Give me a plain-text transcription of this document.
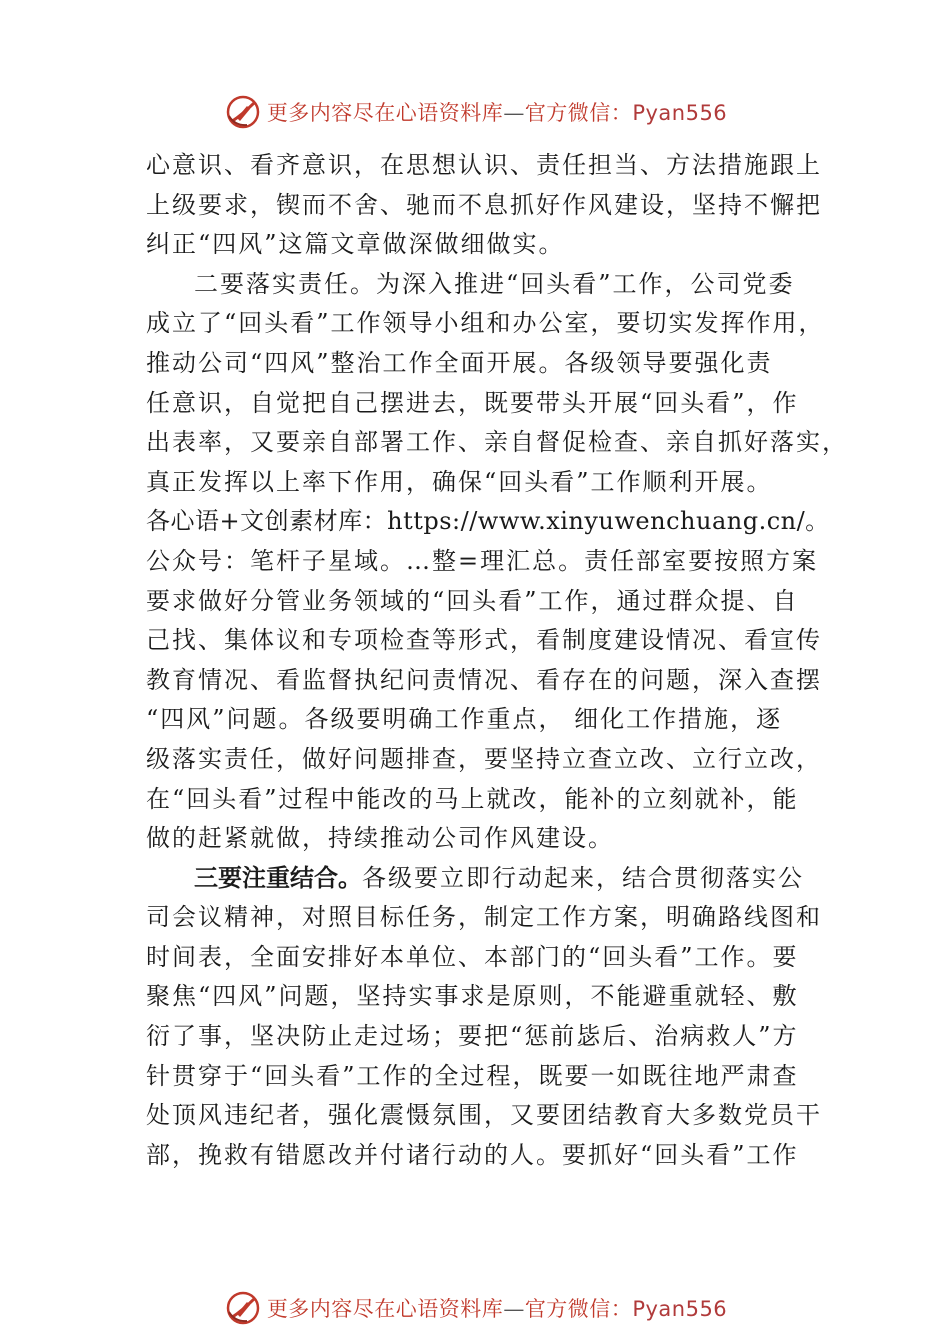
更多内容尽在心语资料库—官方微信：Pyan556
心意识、看齐意识，在思想认识、责任担当、方法措施跟上
上级要求，锲而不舍、驰而不息抓好作风建设，坚持不懈把
纠正“四风”这篇文章做深做细做实。
二要落实责任。为深入推进“回头看”工作，公司党委
成立了“回头看”工作领导小组和办公室，要切实发挥作用，
推动公司“四风”整治工作全面开展。各级领导要强化责
任意识，自觉把自己摆进去，既要带头开展“回头看”，作
出表率，又要亲自部署工作、亲自督促检查、亲自抓好落实，
真正发挥以上率下作用，确保“回头看”工作顺利开展。
各心语+文创素材库：https://www.xinyuwenchuang.cn/。
公众号：笔杆子星域。…整=理汇总。责任部室要按照方案
要求做好分管业务领域的“回头看”工作，通过群众提、自
己找、集体议和专项检查等形式，看制度建设情况、看宣传
教育情况、看监督执纪问责情况、看存在的问题，深入查摆
“四风”问题。各级要明确工作重点， 细化工作措施，逐
级落实责任，做好问题排查，要坚持立查立改、立行立改，
在“回头看”过程中能改的马上就改，能补的立刻就补，能
做的赶紧就做，持续推动公司作风建设。
三要注重结合。各级要立即行动起来，结合贯彻落实公
司会议精神，对照目标任务，制定工作方案，明确路线图和
时间表，全面安排好本单位、本部门的“回头看”工作。要
聚焦“四风”问题，坚持实事求是原则，不能避重就轻、敷
衍了事，坚决防止走过场；要把“惩前毖后、治病救人”方
针贯穿于“回头看”工作的全过程，既要一如既往地严肃查
处顶风违纪者，强化震慑氛围，又要团结教育大多数党员干
部，挽救有错愿改并付诸行动的人。要抓好“回头看”工作
更多内容尽在心语资料库—官方微信：Pyan556
